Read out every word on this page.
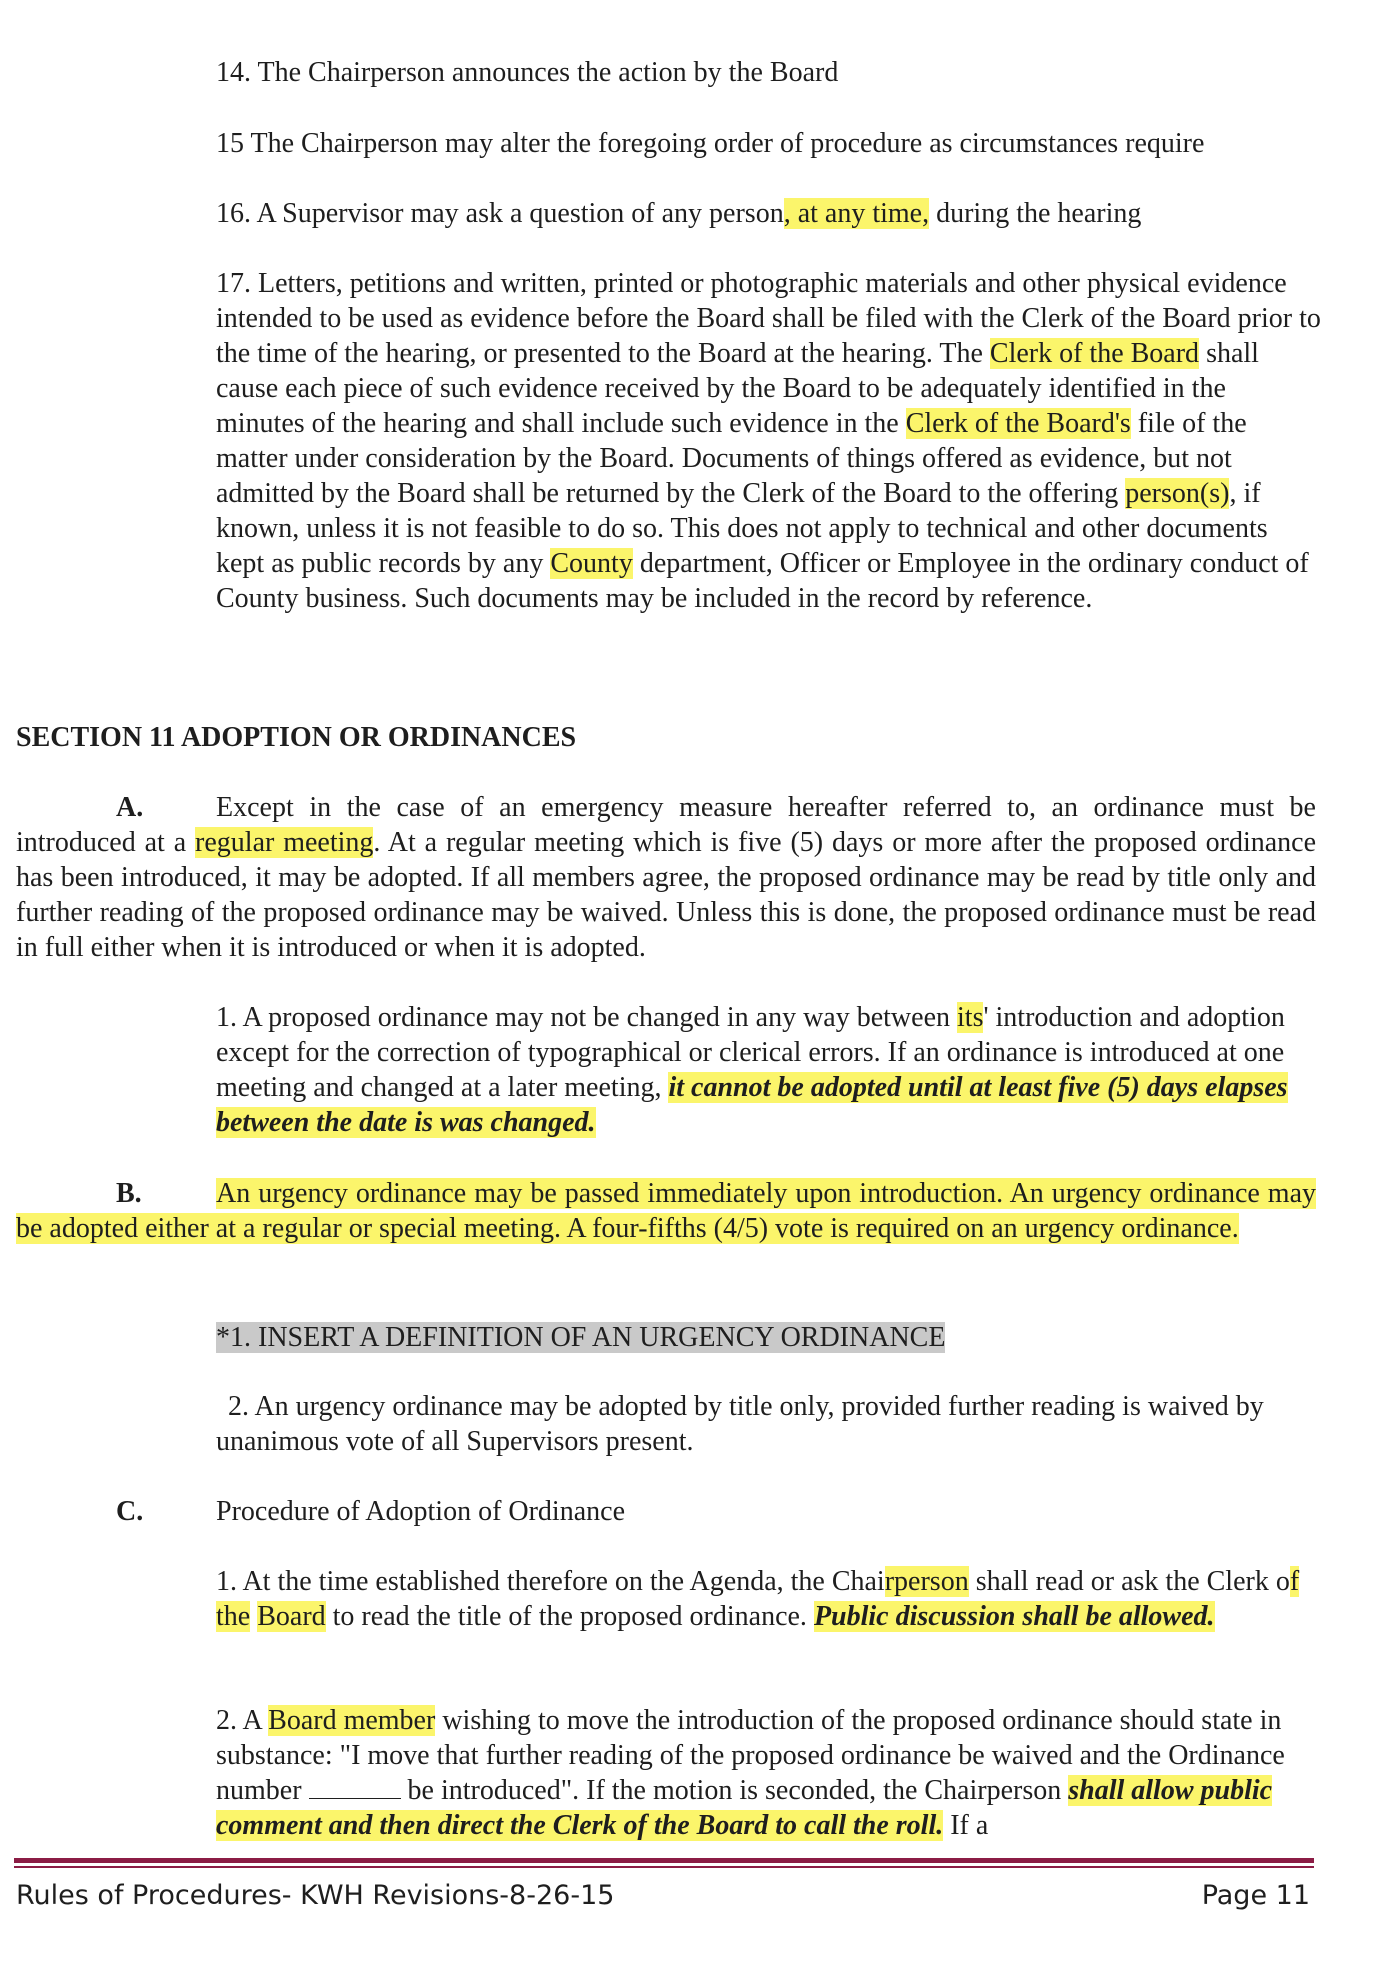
14. The Chairperson announces the action by the Board

15 The Chairperson may alter the foregoing order of procedure as circumstances require

16. A Supervisor may ask a question of any person, at any time, during the hearing

17. Letters, petitions and written, printed or photographic materials and other physical evidence intended to be used as evidence before the Board shall be filed with the Clerk of the Board prior to the time of the hearing, or presented to the Board at the hearing. The Clerk of the Board shall cause each piece of such evidence received by the Board to be adequately identified in the minutes of the hearing and shall include such evidence in the Clerk of the Board's file of the matter under consideration by the Board. Documents of things offered as evidence, but not admitted by the Board shall be returned by the Clerk of the Board to the offering person(s), if known, unless it is not feasible to do so. This does not apply to technical and other documents kept as public records by any County department, Officer or Employee in the ordinary conduct of County business. Such documents may be included in the record by reference.

SECTION 11 ADOPTION OR ORDINANCES

A.	Except in the case of an emergency measure hereafter referred to, an ordinance must be introduced at a regular meeting. At a regular meeting which is five (5) days or more after the proposed ordinance has been introduced, it may be adopted. If all members agree, the proposed ordinance may be read by title only and further reading of the proposed ordinance may be waived. Unless this is done, the proposed ordinance must be read in full either when it is introduced or when it is adopted.

1. A proposed ordinance may not be changed in any way between its' introduction and adoption except for the correction of typographical or clerical errors. If an ordinance is introduced at one meeting and changed at a later meeting, it cannot be adopted until at least five (5) days elapses between the date is was changed.

B.	An urgency ordinance may be passed immediately upon introduction. An urgency ordinance may be adopted either at a regular or special meeting. A four-fifths (4/5) vote is required on an urgency ordinance.

*1. INSERT A DEFINITION OF AN URGENCY ORDINANCE

2. An urgency ordinance may be adopted by title only, provided further reading is waived by unanimous vote of all Supervisors present.

C.	Procedure of Adoption of Ordinance

1. At the time established therefore on the Agenda, the Chairperson shall read or ask the Clerk of the Board to read the title of the proposed ordinance. Public discussion shall be allowed.

2. A Board member wishing to move the introduction of the proposed ordinance should state in substance: "I move that further reading of the proposed ordinance be waived and the Ordinance number	be introduced". If the motion is seconded, the Chairperson shall allow public comment and then direct the Clerk of the Board to call the roll. If a

Rules of Procedures- KWH Revisions-8-26-15	Page 11
